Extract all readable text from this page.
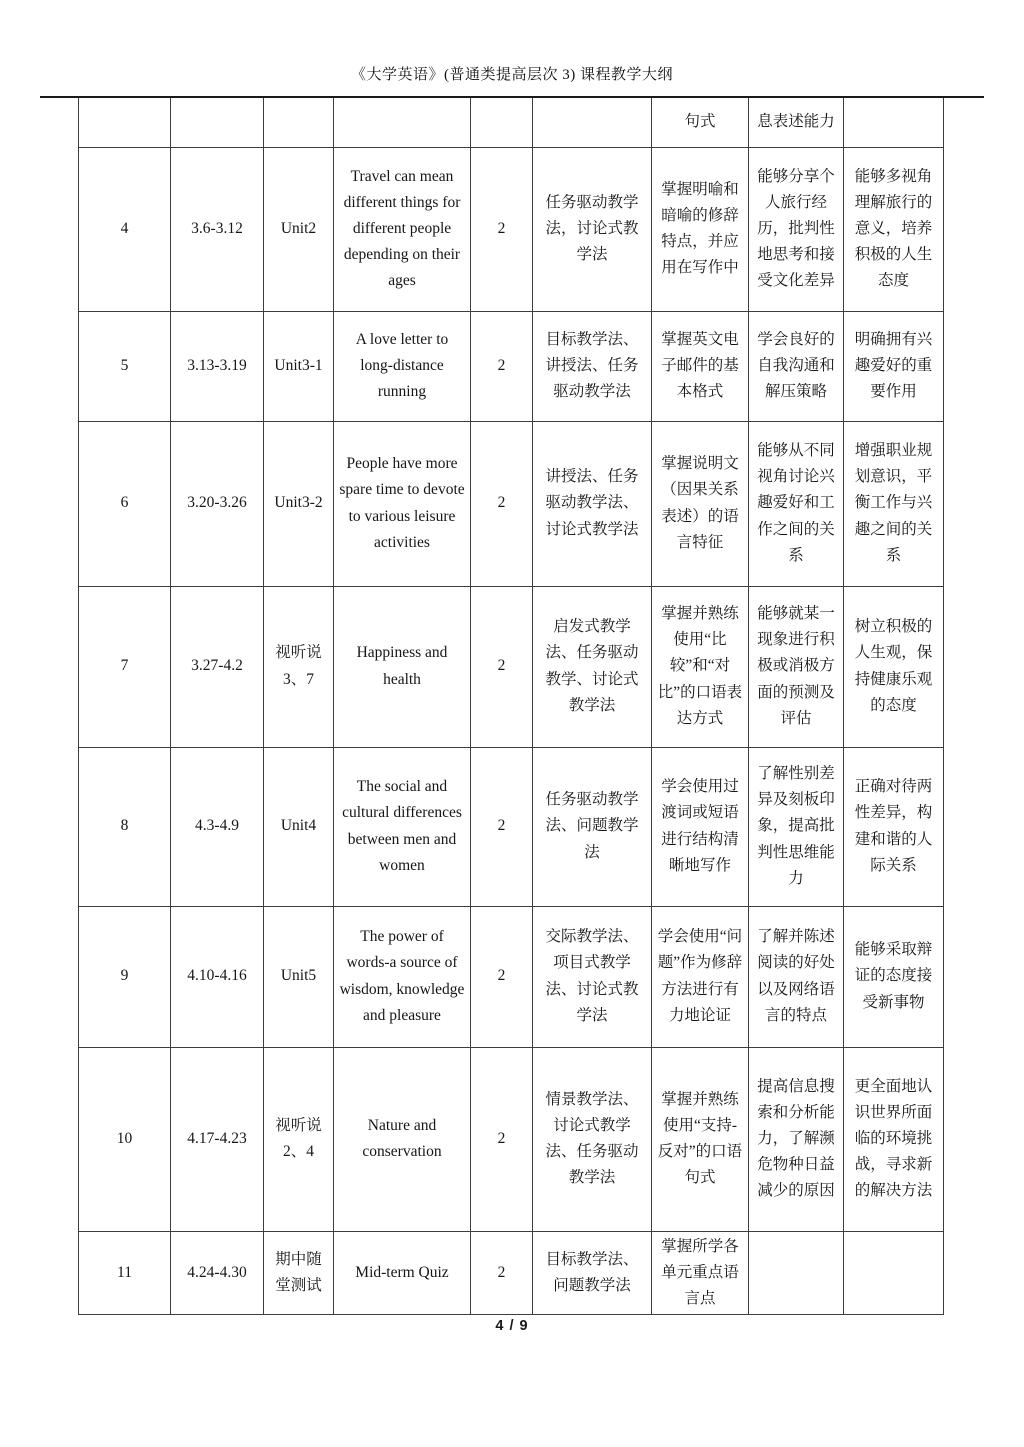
《大学英语》(普通类提高层次 3) 课程教学大纲
						句式	息表述能力	
4	3.6-3.12	Unit2	Travel can mean different things for different people depending on their ages	2	任务驱动教学法，讨论式教学法	掌握明喻和暗喻的修辞特点，并应用在写作中	能够分享个人旅行经历，批判性地思考和接受文化差异	能够多视角理解旅行的意义，培养积极的人生态度
5	3.13-3.19	Unit3-1	A love letter to long-distance running	2	目标教学法、讲授法、任务驱动教学法	掌握英文电子邮件的基本格式	学会良好的自我沟通和解压策略	明确拥有兴趣爱好的重要作用
6	3.20-3.26	Unit3-2	People have more spare time to devote to various leisure activities	2	讲授法、任务驱动教学法、讨论式教学法	掌握说明文（因果关系表述）的语言特征	能够从不同视角讨论兴趣爱好和工作之间的关系	增强职业规划意识，平衡工作与兴趣之间的关系
7	3.27-4.2	视听说 3、7	Happiness and health	2	启发式教学法、任务驱动教学、讨论式教学法	掌握并熟练使用“比较”和“对比”的口语表达方式	能够就某一现象进行积极或消极方面的预测及评估	树立积极的人生观，保持健康乐观的态度
8	4.3-4.9	Unit4	The social and cultural differences between men and women	2	任务驱动教学法、问题教学法	学会使用过渡词或短语进行结构清晰地写作	了解性别差异及刻板印象，提高批判性思维能力	正确对待两性差异，构建和谐的人际关系
9	4.10-4.16	Unit5	The power of words-a source of wisdom, knowledge and pleasure	2	交际教学法、项目式教学法、讨论式教学法	学会使用“问题”作为修辞方法进行有力地论证	了解并陈述阅读的好处以及网络语言的特点	能够采取辩证的态度接受新事物
10	4.17-4.23	视听说 2、4	Nature and conservation	2	情景教学法、讨论式教学法、任务驱动教学法	掌握并熟练使用“支持-反对”的口语句式	提高信息搜索和分析能力，了解濒危物种日益减少的原因	更全面地认识世界所面临的环境挑战，寻求新的解决方法
11	4.24-4.30	期中随堂测试	Mid-term Quiz	2	目标教学法、问题教学法	掌握所学各单元重点语言点		
4 / 9
